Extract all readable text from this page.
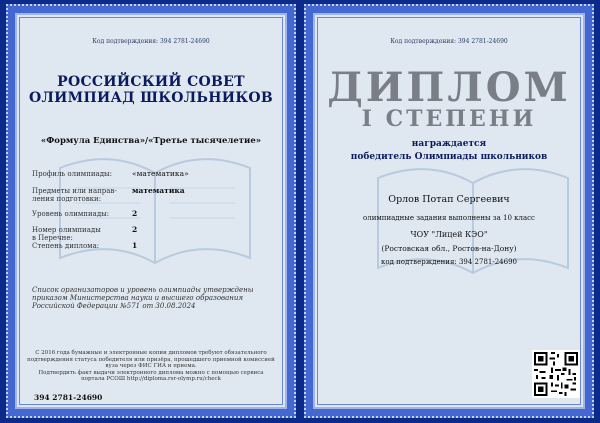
Код подтверждения: 394 2781-24690
РОССИЙСКИЙ СОВЕТ
ОЛИМПИАД ШКОЛЬНИКОВ
«Формула Единства»/«Третье тысячелетие»
Профиль олимпиады:	«математика»
Предметы или направ-
ления подготовки:
математика
Уровень олимпиады:	2
Номер олимпиады
в Перечне:
2
Степень диплома:	1
Список организаторов и уровень олимпиады утверждены приказом Министерства науки и высшего образования Российской Федерации №571 от 30.08.2024
С 2016 года бумажные и электронные копии дипломов требуют обязательного
подтверждения статуса победителя или призёра, прошедшего приемной комиссией
вуза через ФИС ГИА и приема.
Подтвердить факт выдачи электронного диплома можно с помощью сервиса
портала РСОШ http://diploma.rsr-olymp.ru/check
394 2781-24690
Код подтверждения: 394 2781-24690
ДИПЛОМ
I СТЕПЕНИ
награждается
победитель Олимпиады школьников
Орлов Потап Сергеевич
олимпиадные задания выполнены за 10 класс
ЧОУ "Лицей КЭО"
(Ростовская обл., Ростов-на-Дону)
код подтверждения: 394 2781-24690
